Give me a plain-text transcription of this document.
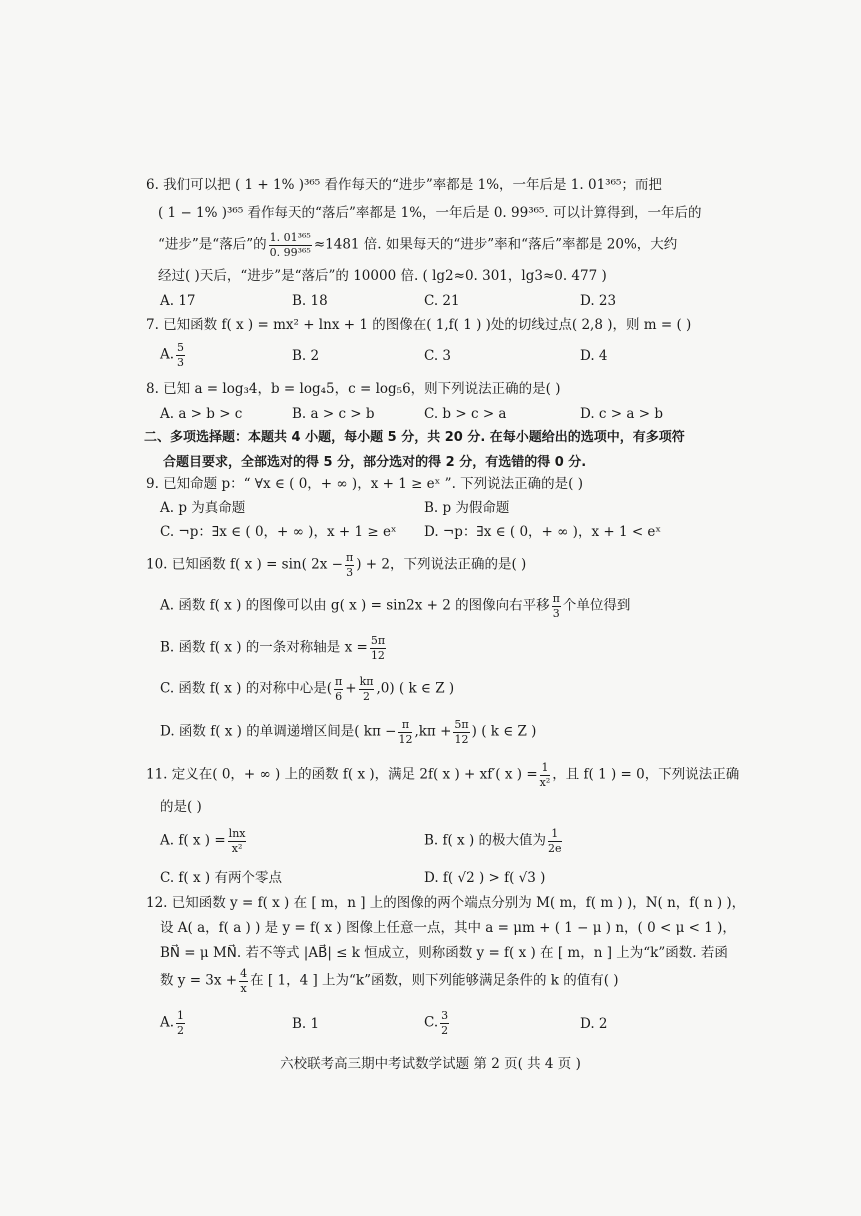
6. 我们可以把 ( 1 + 1% )³⁶⁵ 看作每天的“进步”率都是 1%，一年后是 1. 01³⁶⁵；而把
( 1 − 1% )³⁶⁵ 看作每天的“落后”率都是 1%，一年后是 0. 99³⁶⁵. 可以计算得到，一年后的
“进步”是“落后”的 $\frac{\text{1. 01³⁶⁵}}{\text{0. 99³⁶⁵}} \approx 1481$ 倍. 如果每天的“进步”率和“落后”率都是 20%，大约
经过( )天后，“进步”是“落后”的 10000 倍. ( lg2≈0. 301，lg3≈0. 477 )
A. 17	B. 18	C. 21	D. 23
7. 已知函数 f( x ) = mx² + lnx + 1 的图像在( 1,f( 1 ) )处的切线过点( 2,8 )，则 m = ( )
A. $\frac{5}{3}$	B. 2	C. 3	D. 4
8. 已知 a = log₃4，b = log₄5，c = log₅6，则下列说法正确的是( )
A. a > b > c	B. a > c > b	C. b > c > a	D. c > a > b
二、多项选择题：本题共 4 小题，每小题 5 分，共 20 分. 在每小题给出的选项中，有多项符
合题目要求，全部选对的得 5 分，部分选对的得 2 分，有选错的得 0 分.
9. 已知命题 p：“ ∀x ∈ ( 0，+ ∞ )，x + 1 ≥ eˣ ”. 下列说法正确的是( )
A. p 为真命题	B. p 为假命题
C. ¬p：∃x ∈ ( 0，+ ∞ )，x + 1 ≥ eˣ D. ¬p：∃x ∈ ( 0，+ ∞ )，x + 1 < eˣ
10. 已知函数 f( x ) = sin( $2x - \frac{\pi}{3}$ ) + 2，下列说法正确的是( )
A. 函数 f( x ) 的图像可以由 g( x ) = sin2x + 2 的图像向右平移 $\frac{\pi}{3}$ 个单位得到
B. 函数 f( x ) 的一条对称轴是 $x = \frac{5\pi}{12}$
C. 函数 f( x ) 的对称中心是( $\frac{\pi}{6} + \frac{k\pi}{2} ,0$) ( k ∈ Z )
D. 函数 f( x ) 的单调递增区间是( $k\pi - \frac{\pi}{12} ,k\pi + \frac{5\pi}{12}$ ) ( k ∈ Z )
11. 定义在( 0，+ ∞ ) 上的函数 f( x )，满足 2f( x ) + xf′( x ) = $\frac{1}{\text{x²}}$ ，且 f( 1 ) = 0，下列说法正确
的是( )
A. f( x ) = $\frac{\ln x}{\text{x²}}$	B. f( x ) 的极大值为 $\frac{1}{2e}$
C. f( x ) 有两个零点	D. f( √2 ) > f( √3 )
12. 已知函数 y = f( x ) 在 [ m，n ] 上的图像的两个端点分别为 M( m，f( m ) )，N( n，f( n ) )，
设 A( a，f( a ) ) 是 y = f( x ) 图像上任意一点，其中 a = μm + ( 1 − μ ) n，( 0 < μ < 1 )，
BN⃗ = μ MN⃗. 若不等式 |AB⃗| ≤ k 恒成立，则称函数 y = f( x ) 在 [ m，n ] 上为“k”函数. 若函
数 $y = 3x + \frac{4}{x}$ 在 [ 1，4 ] 上为“k”函数，则下列能够满足条件的 k 的值有( )
A. $\frac{1}{2}$	B. 1	C. $\frac{3}{2}$	D. 2
六校联考高三期中考试数学试题 第 2 页( 共 4 页 )
